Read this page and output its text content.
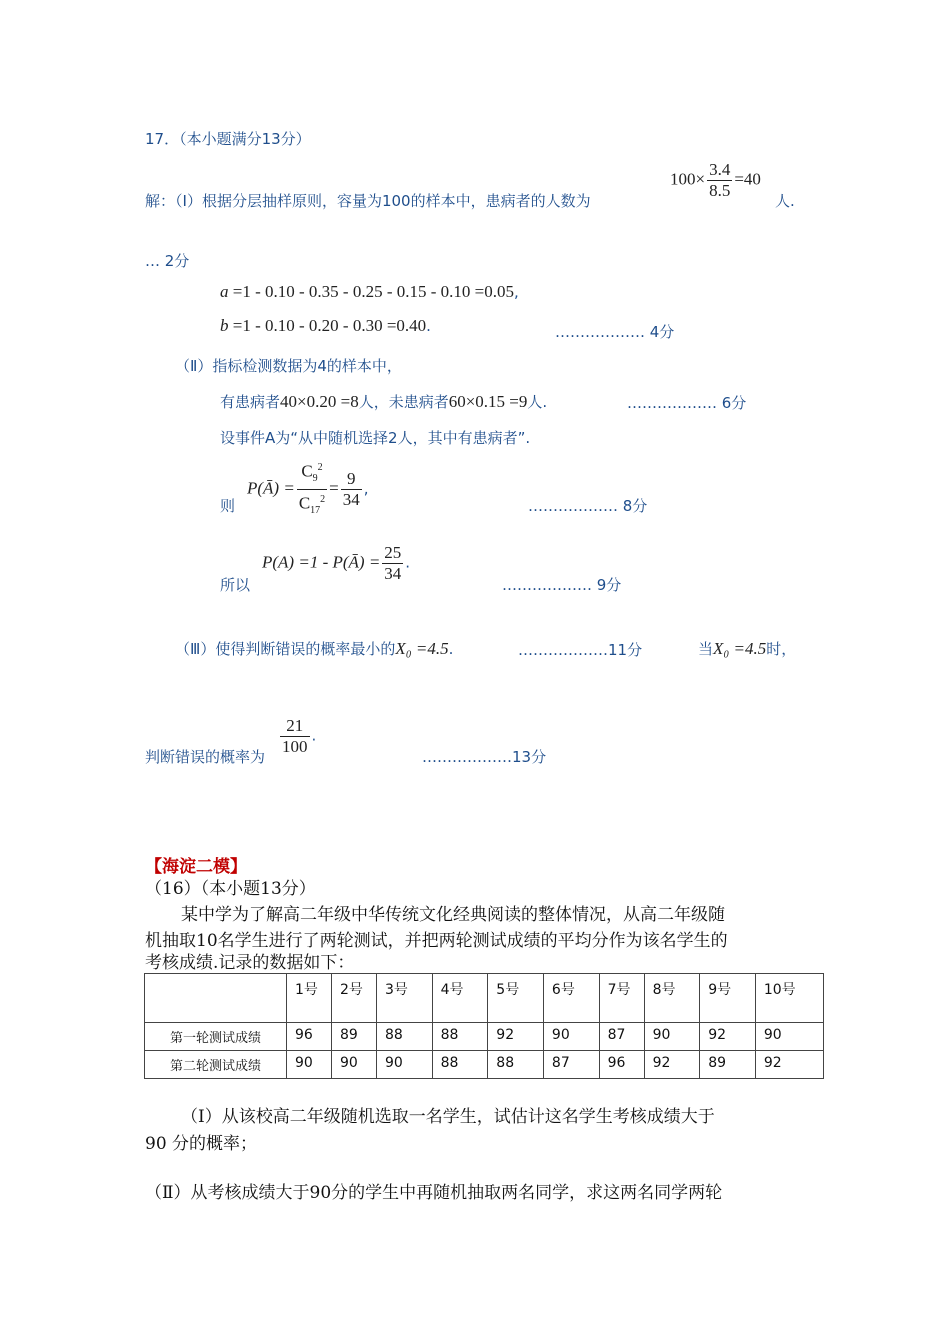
17．（本小题满分13分）
解：（Ⅰ）根据分层抽样原则，容量为100的样本中，患病者的人数为
$100\times \frac{3.4}{8.5} =40$
人.
… 2分
a =1 - 0.10 - 0.35 - 0.25 - 0.15 - 0.10 =0.05,
b =1 - 0.10 - 0.20 - 0.30 =0.40.	……………… 4分
（Ⅱ）指标检测数据为4的样本中，
有患病者40×0.20 =8人，未患病者60×0.15 =9人.	……………… 6分
设事件A为“从中随机选择2人，其中有患病者”.
则
P(Ā) = $\frac{C_9^2}{C_{17}^2} = \frac{9}{34}$ ,
……………… 8分
所以
P(A) =1 - P(Ā) = $\frac{25}{34}$ .
……………… 9分
（Ⅲ）使得判断错误的概率最小的X₀ =4.5.	………………11分	当X₀ =4.5时，
判断错误的概率为 $\frac{21}{100}$ .
………………13分
【海淀二模】
（16）（本小题13分）
某中学为了解高二年级中华传统文化经典阅读的整体情况，从高二年级随
机抽取10名学生进行了两轮测试，并把两轮测试成绩的平均分作为该名学生的
考核成绩.记录的数据如下：
	1号	2号	3号	4号	5号	6号	7号	8号	9号	10号
第一轮测试成绩	96	89	88	88	92	90	87	90	92	90
第二轮测试成绩	90	90	90	88	88	87	96	92	89	92
（Ⅰ）从该校高二年级随机选取一名学生，试估计这名学生考核成绩大于
90 分的概率；
（Ⅱ）从考核成绩大于90分的学生中再随机抽取两名同学，求这两名同学两轮
